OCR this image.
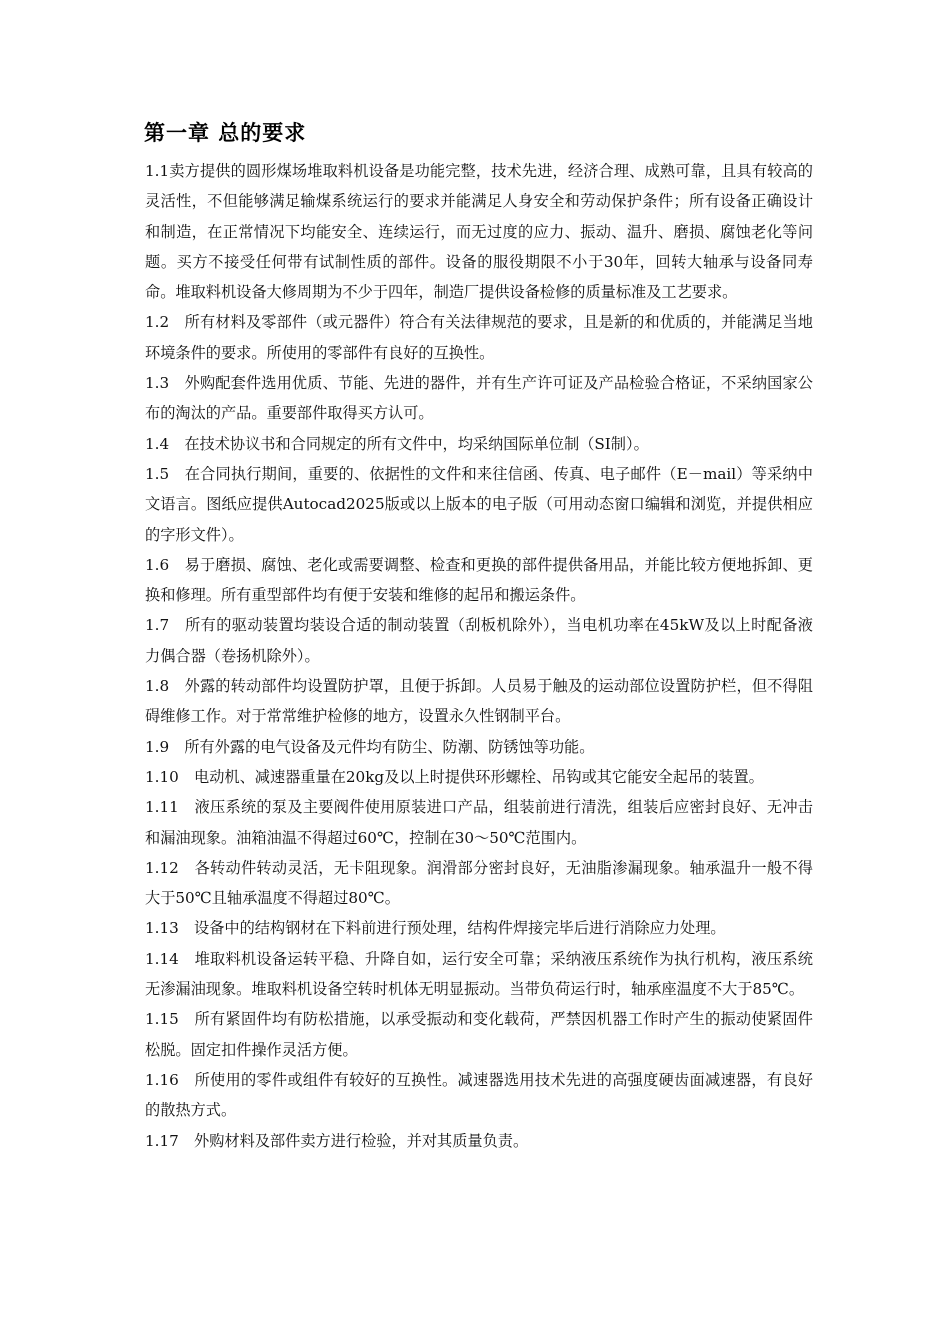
第一章 总的要求

1.1卖方提供的圆形煤场堆取料机设备是功能完整，技术先进，经济合理、成熟可靠，且具有较高的灵活性，不但能够满足输煤系统运行的要求并能满足人身安全和劳动保护条件；所有设备正确设计和制造，在正常情况下均能安全、连续运行，而无过度的应力、振动、温升、磨损、腐蚀老化等问题。买方不接受任何带有试制性质的部件。设备的服役期限不小于30年，回转大轴承与设备同寿命。堆取料机设备大修周期为不少于四年，制造厂提供设备检修的质量标准及工艺要求。

1.2　所有材料及零部件（或元器件）符合有关法律规范的要求，且是新的和优质的，并能满足当地环境条件的要求。所使用的零部件有良好的互换性。

1.3　外购配套件选用优质、节能、先进的器件，并有生产许可证及产品检验合格证，不采纳国家公布的淘汰的产品。重要部件取得买方认可。

1.4　在技术协议书和合同规定的所有文件中，均采纳国际单位制（SI制）。

1.5　在合同执行期间，重要的、依据性的文件和来往信函、传真、电子邮件（E－mail）等采纳中文语言。图纸应提供Autocad2025版或以上版本的电子版（可用动态窗口编辑和浏览，并提供相应的字形文件）。

1.6　易于磨损、腐蚀、老化或需要调整、检查和更换的部件提供备用品，并能比较方便地拆卸、更换和修理。所有重型部件均有便于安装和维修的起吊和搬运条件。

1.7　所有的驱动装置均装设合适的制动装置（刮板机除外），当电机功率在45kW及以上时配备液力偶合器（卷扬机除外）。

1.8　外露的转动部件均设置防护罩，且便于拆卸。人员易于触及的运动部位设置防护栏，但不得阻碍维修工作。对于常常维护检修的地方，设置永久性钢制平台。

1.9　所有外露的电气设备及元件均有防尘、防潮、防锈蚀等功能。

1.10　电动机、减速器重量在20kg及以上时提供环形螺栓、吊钩或其它能安全起吊的装置。

1.11　液压系统的泵及主要阀件使用原装进口产品，组装前进行清洗，组装后应密封良好、无冲击和漏油现象。油箱油温不得超过60℃，控制在30～50℃范围内。

1.12　各转动件转动灵活，无卡阻现象。润滑部分密封良好，无油脂渗漏现象。轴承温升一般不得大于50℃且轴承温度不得超过80℃。

1.13　设备中的结构钢材在下料前进行预处理，结构件焊接完毕后进行消除应力处理。

1.14　堆取料机设备运转平稳、升降自如，运行安全可靠；采纳液压系统作为执行机构，液压系统无渗漏油现象。堆取料机设备空转时机体无明显振动。当带负荷运行时，轴承座温度不大于85℃。

1.15　所有紧固件均有防松措施，以承受振动和变化载荷，严禁因机器工作时产生的振动使紧固件松脱。固定扣件操作灵活方便。

1.16　所使用的零件或组件有较好的互换性。减速器选用技术先进的高强度硬齿面减速器，有良好的散热方式。

1.17　外购材料及部件卖方进行检验，并对其质量负责。
